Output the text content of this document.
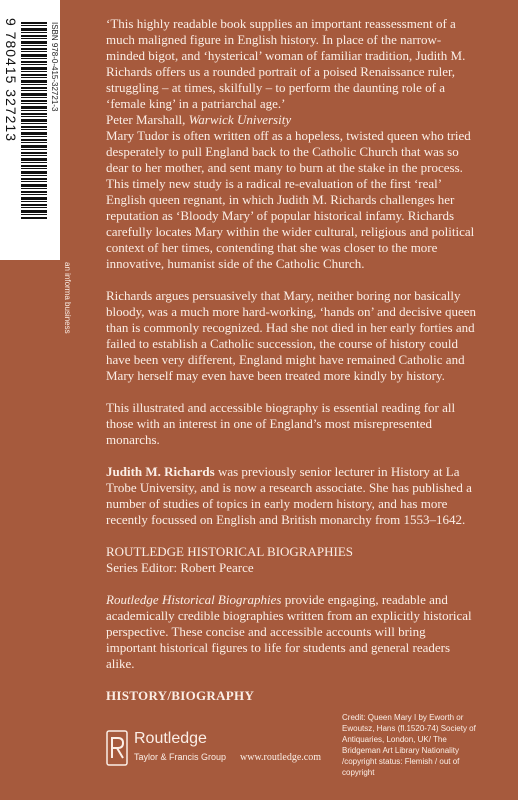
9 780415 327213	ISBN 978-0-415-32721-3
an informa business

‘This highly readable book supplies an important reassessment of a much maligned figure in English history. In place of the narrow-minded bigot, and ‘hysterical’ woman of familiar tradition, Judith M. Richards offers us a rounded portrait of a poised Renaissance ruler, struggling – at times, skilfully – to perform the daunting role of a ‘female king’ in a patriarchal age.’

Peter Marshall, Warwick University

Mary Tudor is often written off as a hopeless, twisted queen who tried desperately to pull England back to the Catholic Church that was so dear to her mother, and sent many to burn at the stake in the process. This timely new study is a radical re-evaluation of the first ‘real’ English queen regnant, in which Judith M. Richards challenges her reputation as ‘Bloody Mary’ of popular historical infamy. Richards carefully locates Mary within the wider cultural, religious and political context of her times, contending that she was closer to the more innovative, humanist side of the Catholic Church.

Richards argues persuasively that Mary, neither boring nor basically bloody, was a much more hard-working, ‘hands on’ and decisive queen than is commonly recognized. Had she not died in her early forties and failed to establish a Catholic succession, the course of history could have been very different, England might have remained Catholic and Mary herself may even have been treated more kindly by history.

This illustrated and accessible biography is essential reading for all those with an interest in one of England’s most misrepresented monarchs.

Judith M. Richards was previously senior lecturer in History at La Trobe University, and is now a research associate. She has published a number of studies of topics in early modern history, and has more recently focussed on English and British monarchy from 1553–1642.

ROUTLEDGE HISTORICAL BIOGRAPHIES

Series Editor: Robert Pearce

Routledge Historical Biographies provide engaging, readable and academically credible biographies written from an explicitly historical perspective. These concise and accessible accounts will bring important historical figures to life for students and general readers alike.

HISTORY/BIOGRAPHY

Routledge
Taylor & Francis Group www.routledge.com
Credit: Queen Mary I by Eworth or Ewoutsz, Hans (fl.1520-74) Society of Antiquaries, London, UK/ The Bridgeman Art Library Nationality /copyright status: Flemish / out of copyright
